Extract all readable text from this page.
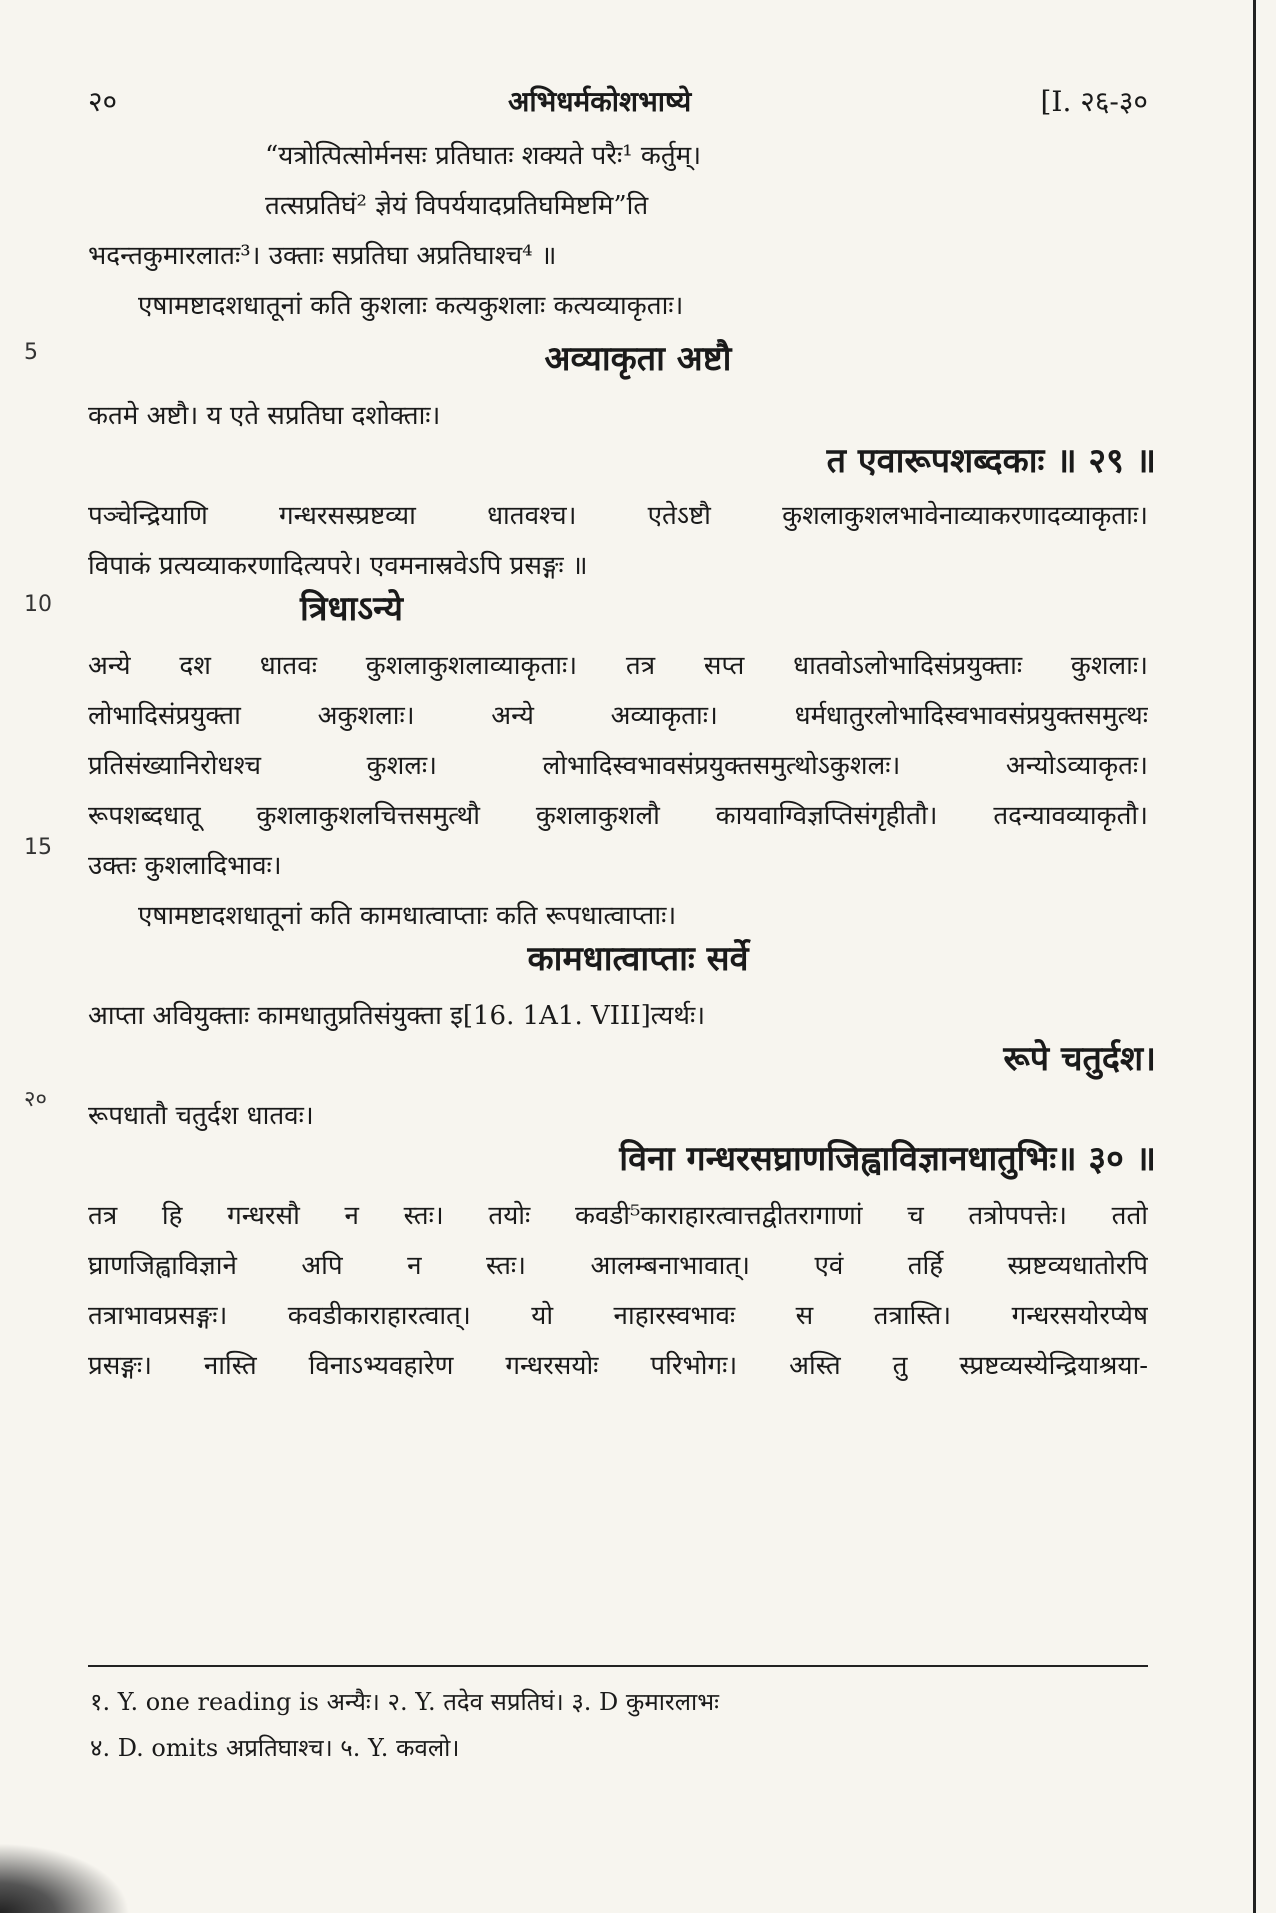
२०	अभिधर्मकोशभाष्ये	[I. २६-३०
5
10
15
२०
“यत्रोत्पित्सोर्मनसः प्रतिघातः शक्यते परैः¹ कर्तुम्।
तत्सप्रतिघं² ज्ञेयं विपर्ययादप्रतिघमिष्टमि”ति
भदन्तकुमारलातः³। उक्ताः सप्रतिघा अप्रतिघाश्च⁴ ॥
एषामष्टादशधातूनां कति कुशलाः कत्यकुशलाः कत्यव्याकृताः।
अव्याकृता अष्टौ
कतमे अष्टौ। य एते सप्रतिघा दशोक्ताः।
त एवारूपशब्दकाः ॥ २९ ॥
पञ्चेन्द्रियाणि गन्धरसस्प्रष्टव्या धातवश्च। एतेऽष्टौ कुशलाकुशलभावेनाव्याकरणादव्याकृताः।
विपाकं प्रत्यव्याकरणादित्यपरे। एवमनास्रवेऽपि प्रसङ्गः ॥
त्रिधाऽन्ये
अन्ये दश धातवः कुशलाकुशलाव्याकृताः। तत्र सप्त धातवोऽलोभादिसंप्रयुक्ताः कुशलाः।
लोभादिसंप्रयुक्ता अकुशलाः। अन्ये अव्याकृताः। धर्मधातुरलोभादिस्वभावसंप्रयुक्तसमुत्थः
प्रतिसंख्यानिरोधश्च कुशलः। लोभादिस्वभावसंप्रयुक्तसमुत्थोऽकुशलः। अन्योऽव्याकृतः।
रूपशब्दधातू कुशलाकुशलचित्तसमुत्थौ कुशलाकुशलौ कायवाग्विज्ञप्तिसंगृहीतौ। तदन्यावव्याकृतौ।
उक्तः कुशलादिभावः।
एषामष्टादशधातूनां कति कामधात्वाप्ताः कति रूपधात्वाप्ताः।
कामधात्वाप्ताः सर्वे
आप्ता अवियुक्ताः कामधातुप्रतिसंयुक्ता इ[16. 1A1. VIII]त्यर्थः।
रूपे चतुर्दश।
रूपधातौ चतुर्दश धातवः।
विना गन्धरसघ्राणजिह्वाविज्ञानधातुभिः॥ ३० ॥
तत्र हि गन्धरसौ न स्तः। तयोः कवडी⁵काराहारत्वात्तद्वीतरागाणां च तत्रोपपत्तेः। ततो
घ्राणजिह्वाविज्ञाने अपि न स्तः। आलम्बनाभावात्। एवं तर्हि स्प्रष्टव्यधातोरपि
तत्राभावप्रसङ्गः। कवडीकाराहारत्वात्। यो नाहारस्वभावः स तत्रास्ति। गन्धरसयोरप्येष
प्रसङ्गः। नास्ति विनाऽभ्यवहारेण गन्धरसयोः परिभोगः। अस्ति तु स्प्रष्टव्यस्येन्द्रियाश्रया-
१. Y. one reading is अन्यैः। २. Y. तदेव सप्रतिघं। ३. D कुमारलाभः
४. D. omits अप्रतिघाश्च। ५. Y. कवलो।
